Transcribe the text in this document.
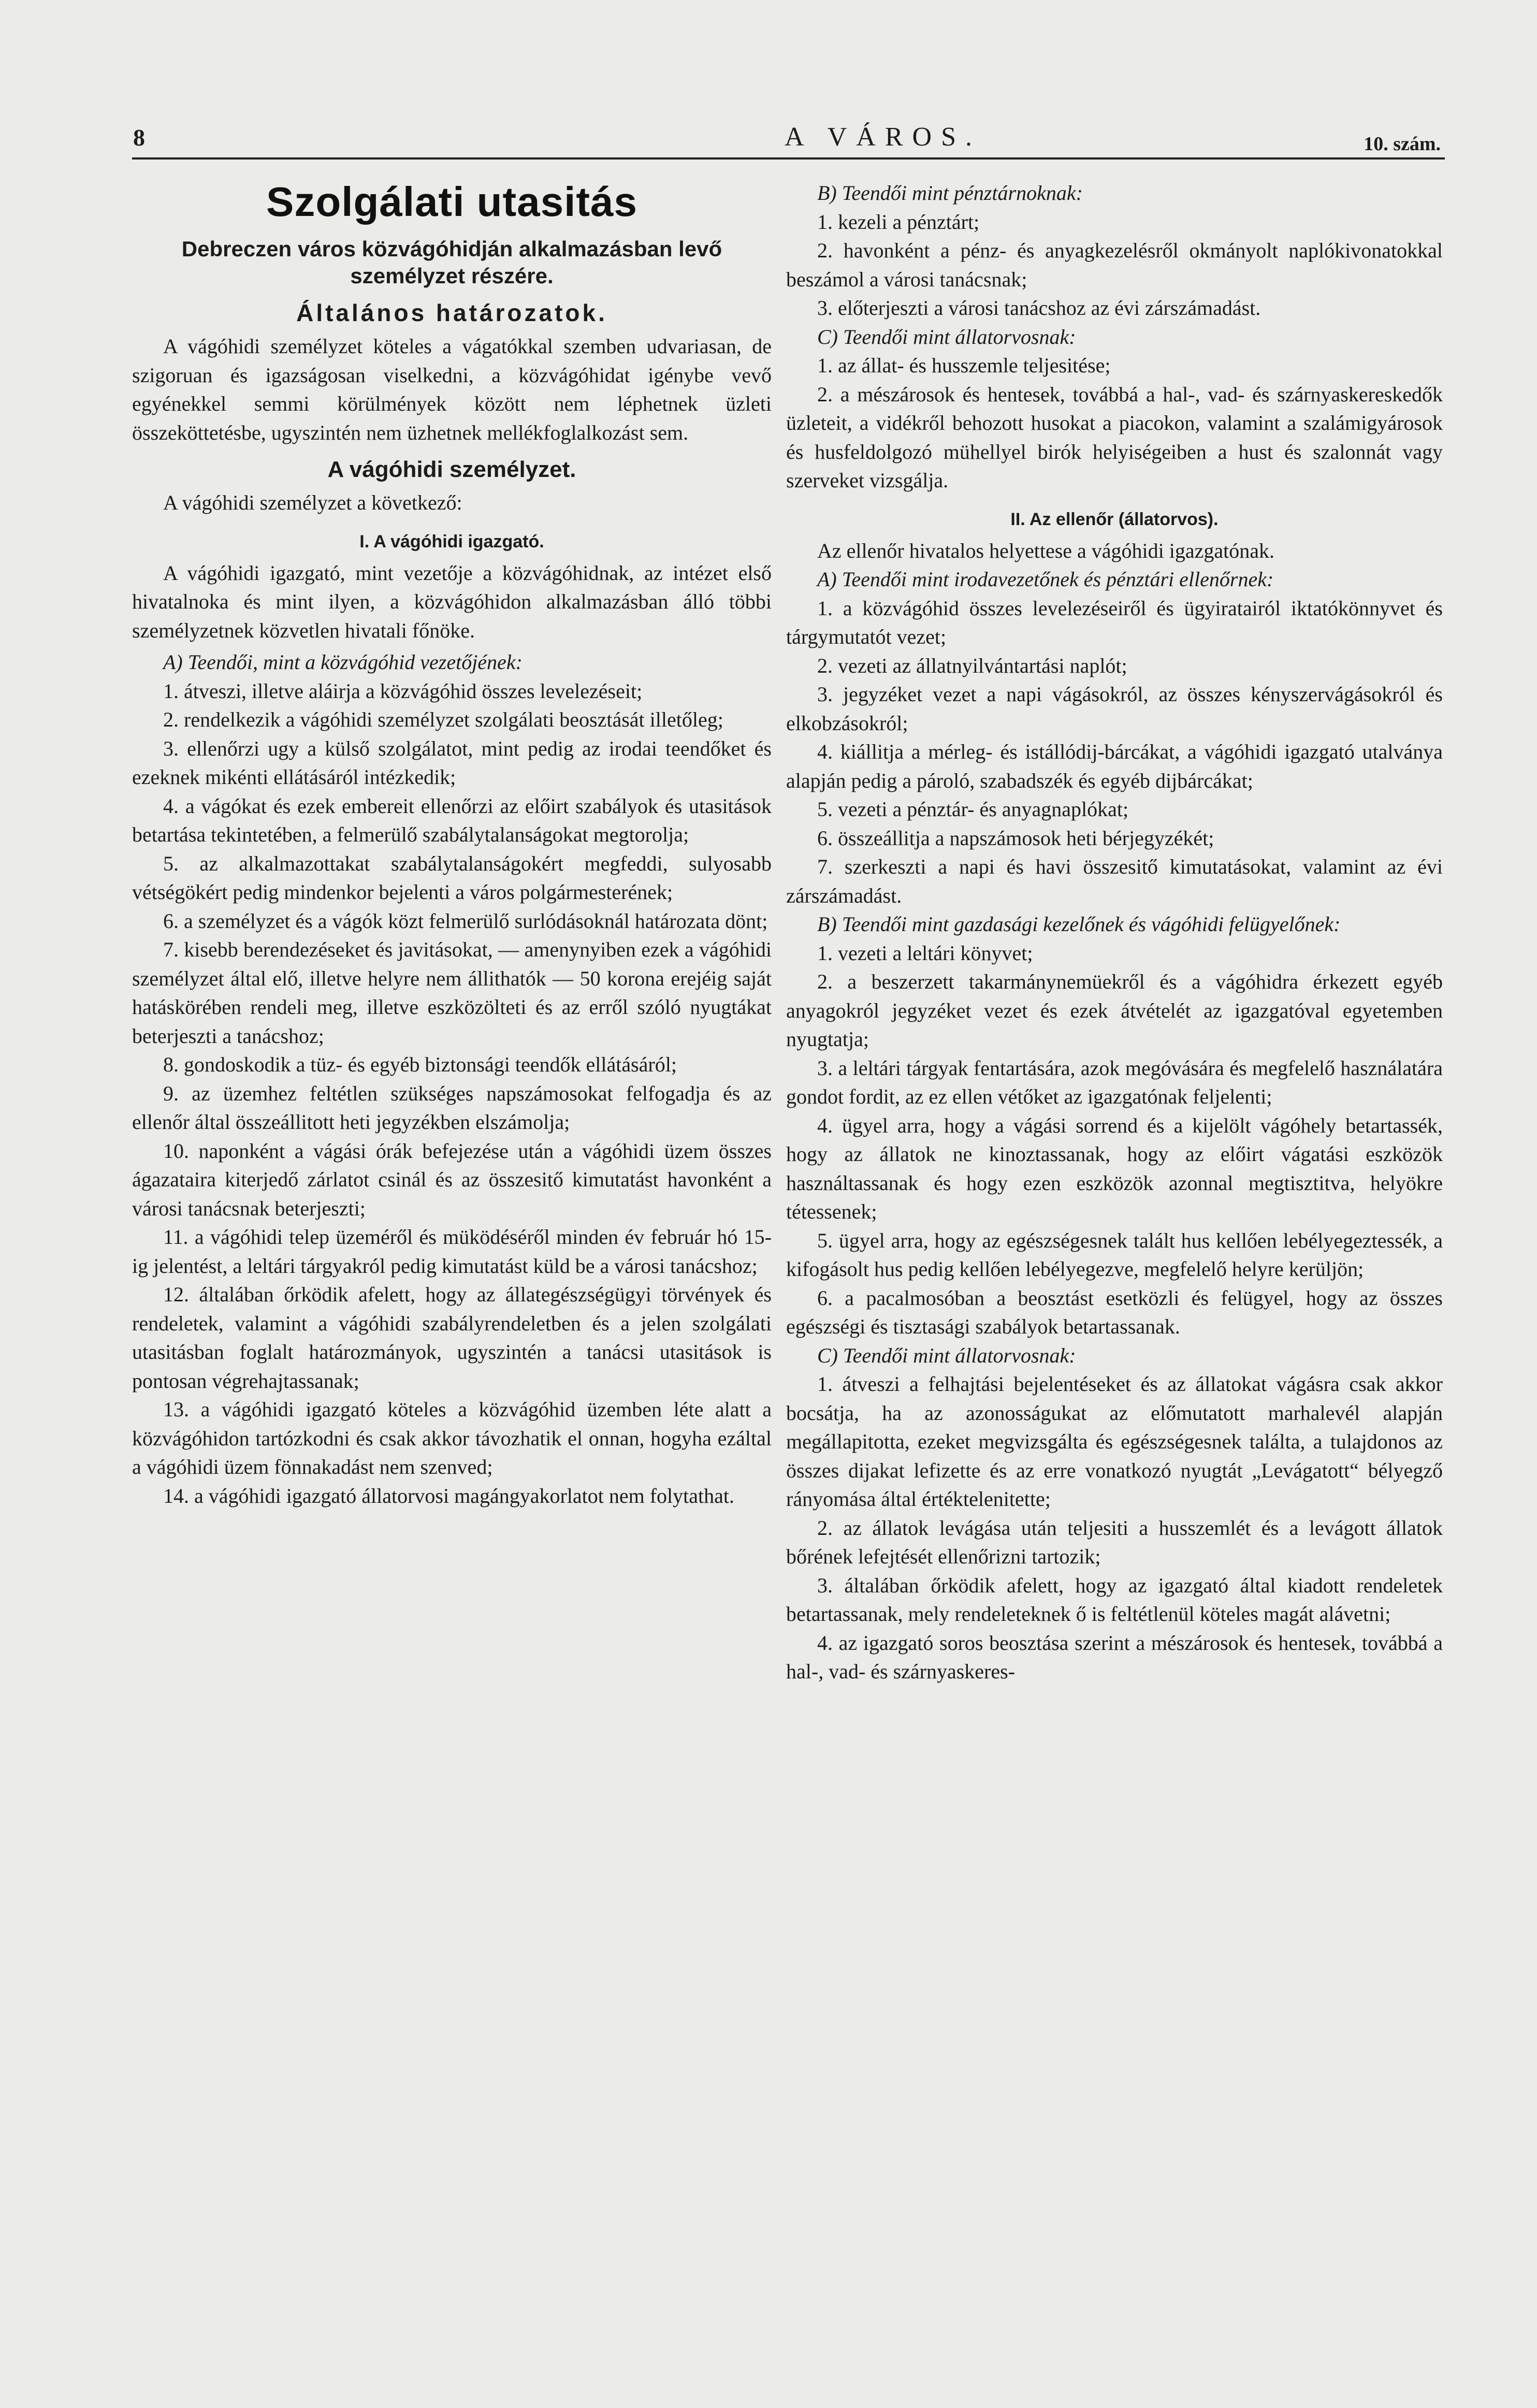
8	A VÁROS.	10. szám.
Szolgálati utasitás
Debreczen város közvágóhidján alkalmazásban levő
személyzet részére.
Általános határozatok.

A vágóhidi személyzet köteles a vágatókkal szemben udvariasan, de szigoruan és igazságosan viselkedni, a közvágóhidat igénybe vevő egyénekkel semmi körülmények között nem léphetnek üzleti összeköttetésbe, ugyszintén nem üzhetnek mellékfoglalkozást sem.

A vágóhidi személyzet.

A vágóhidi személyzet a következő:

I. A vágóhidi igazgató.

A vágóhidi igazgató, mint vezetője a közvágóhidnak, az intézet első hivatalnoka és mint ilyen, a közvágóhidon alkalmazásban álló többi személyzetnek közvetlen hivatali főnöke.

A) Teendői, mint a közvágóhid vezetőjének:

1. átveszi, illetve aláirja a közvágóhid összes levelezéseit;

2. rendelkezik a vágóhidi személyzet szolgálati beosztását illetőleg;

3. ellenőrzi ugy a külső szolgálatot, mint pedig az irodai teendőket és ezeknek mikénti ellátásáról intézkedik;

4. a vágókat és ezek embereit ellenőrzi az előirt szabályok és utasitások betartása tekintetében, a felmerülő szabálytalanságokat megtorolja;

5. az alkalmazottakat szabálytalanságokért megfeddi, sulyosabb vétségökért pedig mindenkor bejelenti a város polgármesterének;

6. a személyzet és a vágók közt felmerülő surlódásoknál határozata dönt;

7. kisebb berendezéseket és javitásokat, — amenynyiben ezek a vágóhidi személyzet által elő, illetve helyre nem állithatók — 50 korona erejéig saját hatáskörében rendeli meg, illetve eszközölteti és az erről szóló nyugtákat beterjeszti a tanácshoz;

8. gondoskodik a tüz- és egyéb biztonsági teendők ellátásáról;

9. az üzemhez feltétlen szükséges napszámosokat felfogadja és az ellenőr által összeállitott heti jegyzékben elszámolja;

10. naponként a vágási órák befejezése után a vágóhidi üzem összes ágazataira kiterjedő zárlatot csinál és az összesitő kimutatást havonként a városi tanácsnak beterjeszti;

11. a vágóhidi telep üzeméről és müködéséről minden év február hó 15-ig jelentést, a leltári tárgyakról pedig kimutatást küld be a városi tanácshoz;

12. általában őrködik afelett, hogy az állategészségügyi törvények és rendeletek, valamint a vágóhidi szabályrendeletben és a jelen szolgálati utasitásban foglalt határozmányok, ugyszintén a tanácsi utasitások is pontosan végrehajtassanak;

13. a vágóhidi igazgató köteles a közvágóhid üzemben léte alatt a közvágóhidon tartózkodni és csak akkor távozhatik el onnan, hogyha ezáltal a vágóhidi üzem fönnakadást nem szenved;

14. a vágóhidi igazgató állatorvosi magángyakorlatot nem folytathat.

B) Teendői mint pénztárnoknak:

1. kezeli a pénztárt;

2. havonként a pénz- és anyagkezelésről okmányolt naplókivonatokkal beszámol a városi tanácsnak;

3. előterjeszti a városi tanácshoz az évi zárszámadást.

C) Teendői mint állatorvosnak:

1. az állat- és husszemle teljesitése;

2. a mészárosok és hentesek, továbbá a hal-, vad- és szárnyaskereskedők üzleteit, a vidékről behozott husokat a piacokon, valamint a szalámigyárosok és husfeldolgozó mühellyel birók helyiségeiben a hust és szalonnát vagy szerveket vizsgálja.

II. Az ellenőr (állatorvos).

Az ellenőr hivatalos helyettese a vágóhidi igazgatónak.

A) Teendői mint irodavezetőnek és pénztári ellenőrnek:

1. a közvágóhid összes levelezéseiről és ügyiratairól iktatókönnyvet és tárgymutatót vezet;

2. vezeti az állatnyilvántartási naplót;

3. jegyzéket vezet a napi vágásokról, az összes kényszervágásokról és elkobzásokról;

4. kiállitja a mérleg- és istállódij-bárcákat, a vágóhidi igazgató utalványa alapján pedig a pároló, szabadszék és egyéb dijbárcákat;

5. vezeti a pénztár- és anyagnaplókat;

6. összeállitja a napszámosok heti bérjegyzékét;

7. szerkeszti a napi és havi összesitő kimutatásokat, valamint az évi zárszámadást.

B) Teendői mint gazdasági kezelőnek és vágóhidi felügyelőnek:

1. vezeti a leltári könyvet;

2. a beszerzett takarmánynemüekről és a vágóhidra érkezett egyéb anyagokról jegyzéket vezet és ezek átvételét az igazgatóval egyetemben nyugtatja;

3. a leltári tárgyak fentartására, azok megóvására és megfelelő használatára gondot fordit, az ez ellen vétőket az igazgatónak feljelenti;

4. ügyel arra, hogy a vágási sorrend és a kijelölt vágóhely betartassék, hogy az állatok ne kinoztassanak, hogy az előirt vágatási eszközök használtassanak és hogy ezen eszközök azonnal megtisztitva, helyökre tétessenek;

5. ügyel arra, hogy az egészségesnek talált hus kellően lebélyegeztessék, a kifogásolt hus pedig kellően lebélyegezve, megfelelő helyre kerüljön;

6. a pacalmosóban a beosztást esetközli és felügyel, hogy az összes egészségi és tisztasági szabályok betartassanak.

C) Teendői mint állatorvosnak:

1. átveszi a felhajtási bejelentéseket és az állatokat vágásra csak akkor bocsátja, ha az azonosságukat az előmutatott marhalevél alapján megállapitotta, ezeket megvizsgálta és egészségesnek találta, a tulajdonos az összes dijakat lefizette és az erre vonatkozó nyugtát „Levágatott“ bélyegző rányomása által értéktelenitette;

2. az állatok levágása után teljesiti a husszemlét és a levágott állatok bőrének lefejtését ellenőrizni tartozik;

3. általában őrködik afelett, hogy az igazgató által kiadott rendeletek betartassanak, mely rendeleteknek ő is feltétlenül köteles magát alávetni;

4. az igazgató soros beosztása szerint a mészárosok és hentesek, továbbá a hal-, vad- és szárnyaskeres-
